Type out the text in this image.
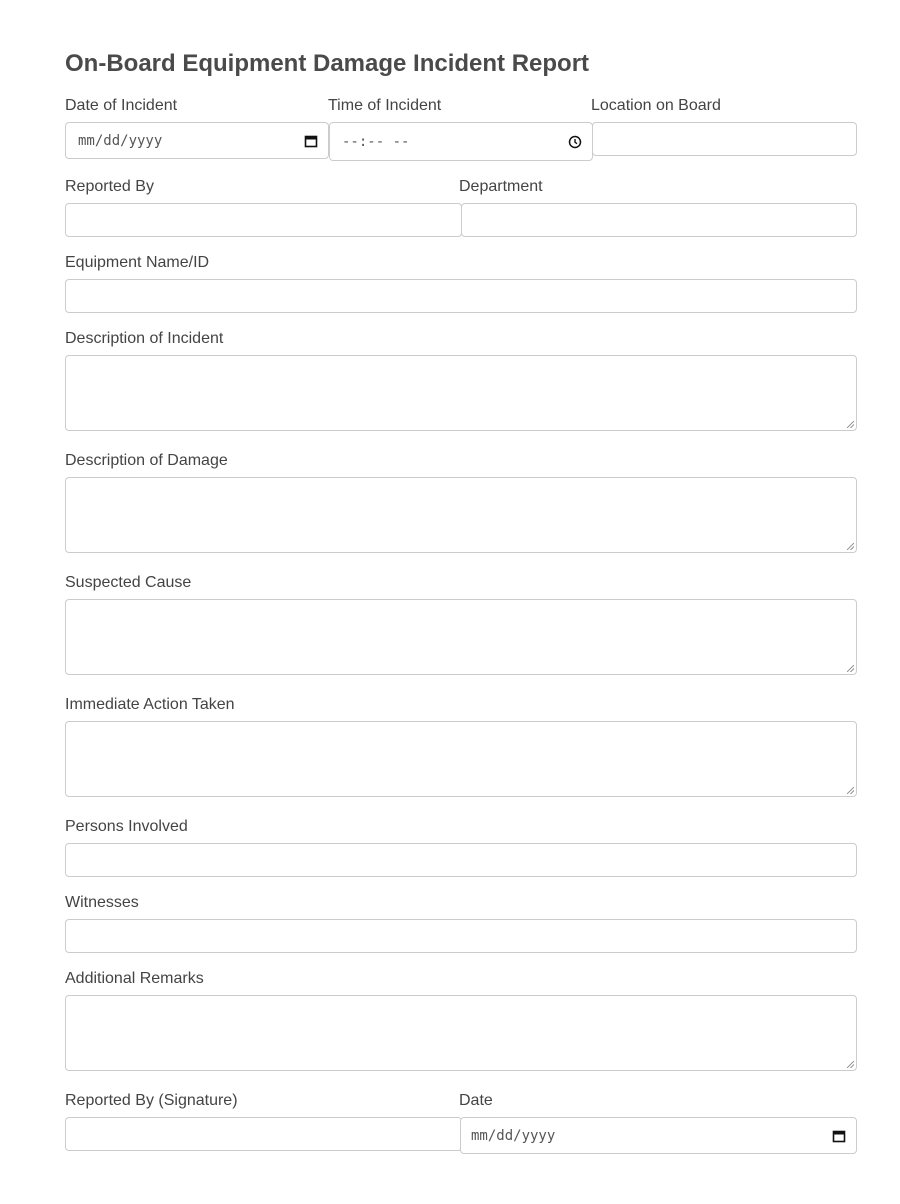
On-Board Equipment Damage Incident Report
Date of Incident
mm/dd/yyyy
Time of Incident
--:-- --
Location on Board
Reported By	Department
Equipment Name/ID
Description of Incident
Description of Damage
Suspected Cause
Immediate Action Taken
Persons Involved
Witnesses
Additional Remarks
Reported By (Signature)	Date
mm/dd/yyyy
